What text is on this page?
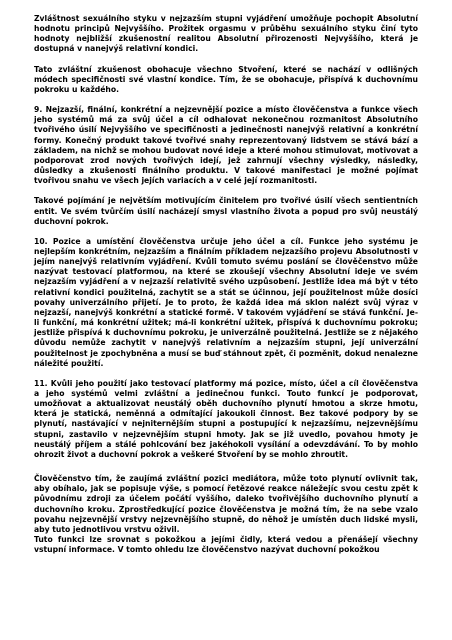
Zvláštnost sexuálního styku v nejzazším stupni vyjádření umožňuje pochopit Absolutní hodnotu principů Nejvyššího. Prožitek orgasmu v průběhu sexuálního styku činí tyto hodnoty nejbližší zkušenostní realitou Absolutní přirozenosti Nejvyššího, která je dostupná v nanejvýš relativní kondici.

Tato zvláštní zkušenost obohacuje všechno Stvoření, které se nachází v odlišných módech specifičnosti své vlastní kondice. Tím, že se obohacuje, přispívá k duchovnímu pokroku u každého.

9. Nejzazší, finální, konkrétní a nejzevnější pozice a místo člověčenstva a funkce všech jeho systémů má za svůj účel a cíl odhalovat nekonečnou rozmanitost Absolutního tvořivého úsilí Nejvyššího ve specifičnosti a jedinečnosti nanejvýš relativní a konkrétní formy. Konečný produkt takové tvořivé snahy reprezentovaný lidstvem se stává bází a základem, na nichž se mohou budovat nové ideje a které mohou stimulovat, motivovat a podporovat zrod nových tvořivých idejí, jež zahrnují všechny výsledky, následky, důsledky a zkušenosti finálního produktu. V takové manifestaci je možné pojímat tvořivou snahu ve všech jejích variacích a v celé její rozmanitosti.

Takové pojímání je největším motivujícím činitelem pro tvořivé úsilí všech sentientních entit. Ve svém tvůrčím úsilí nacházejí smysl vlastního života a popud pro svůj neustálý duchovní pokrok.

10. Pozice a umístění člověčenstva určuje jeho účel a cíl. Funkce jeho systému je nejlepším konkrétním, nejzazším a finálním příkladem nejzazšího projevu Absolutnosti v jejím nanejvýš relativním vyjádření. Kvůli tomuto svému poslání se člověčenstvo může nazývat testovací platformou, na které se zkoušejí všechny Absolutní ideje ve svém nejzazším vyjádření a v nejzazší relativitě svého uzpůsobení. Jestliže idea má být v této relativní kondici použitelná, zachytit se a stát se účinnou, její použitelnost může dosíci povahy univerzálního přijetí. Je to proto, že každá idea má sklon nalézt svůj výraz v nejzazší, nanejvýš konkrétní a statické formě. V takovém vyjádření se stává funkční. Je-li funkční, má konkrétní užitek; má-li konkrétní užitek, přispívá k duchovnímu pokroku; jestliže přispívá k duchovnímu pokroku, je univerzálně použitelná. Jestliže se z nějakého důvodu nemůže zachytit v nanejvýš relativním a nejzazším stupni, její univerzální použitelnost je zpochybněna a musí se buď stáhnout zpět, či pozměnit, dokud nenalezne náležité použití.

11. Kvůli jeho použití jako testovací platformy má pozice, místo, účel a cíl člověčenstva a jeho systémů velmi zvláštní a jedinečnou funkci. Touto funkcí je podporovat, umožňovat a aktualizovat neustálý oběh duchovního plynutí hmotou a skrze hmotu, která je statická, neměnná a odmítající jakoukoli činnost. Bez takové podpory by se plynutí, nastávající v nejniternějším stupni a postupující k nejzazšímu, nejzevnějšímu stupni, zastavilo v nejzevnějším stupni hmoty. Jak se již uvedlo, povahou hmoty je neustálý příjem a stálé pohlcování bez jakéhokoli vysílání a odevzdávání. To by mohlo ohrozit život a duchovní pokrok a veškeré Stvoření by se mohlo zhroutit.

Člověčenstvo tím, že zaujímá zvláštní pozici mediátora, může toto plynutí ovlivnit tak, aby obíhalo, jak se popisuje výše, s pomocí řetězové reakce náležejíc svou cestu zpět k původnímu zdroji za účelem počátí vyššího, daleko tvořivějšího duchovního plynutí a duchovního kroku. Zprostředkující pozice člověčenstva je možná tím, že na sebe vzalo povahu nejzevnější vrstvy nejzevnějšího stupně, do něhož je umístěn duch lidské mysli, aby tuto jednotlivou vrstvu oživil.

Tuto funkci lze srovnat s pokožkou a jejími čidly, která vedou a přenášejí všechny vstupní informace. V tomto ohledu lze člověčenstvo nazývat duchovní pokožkou
